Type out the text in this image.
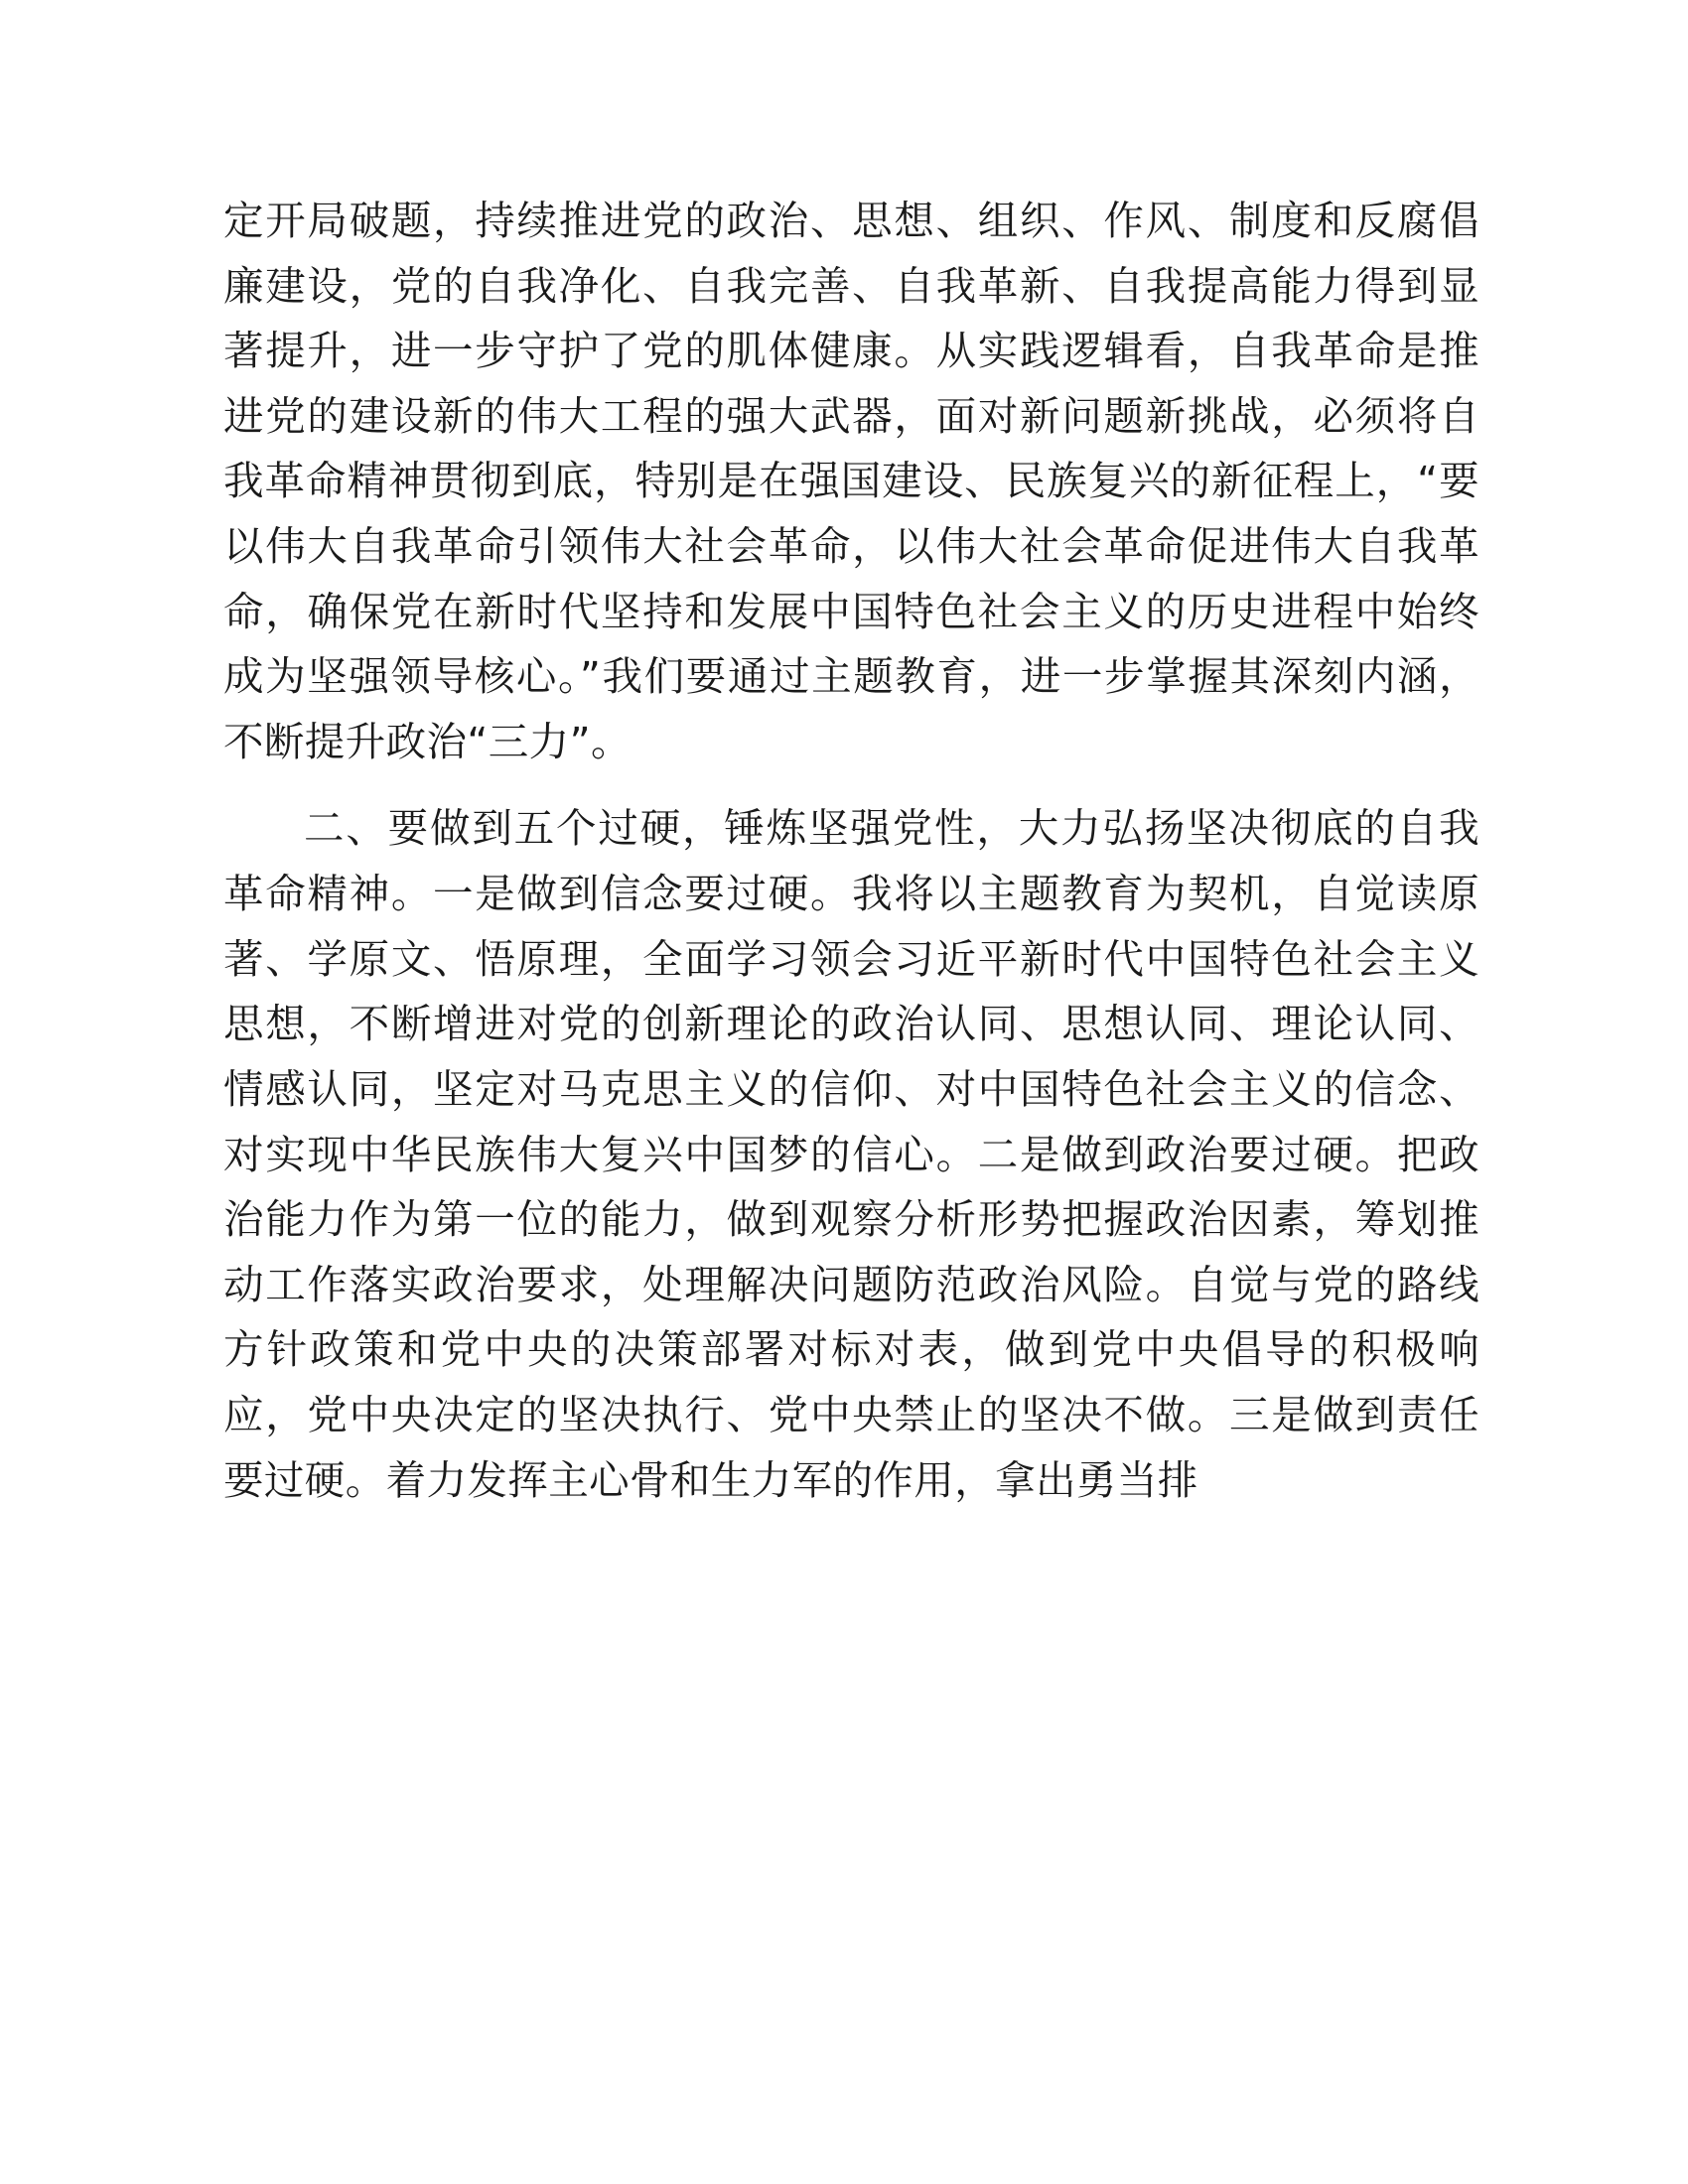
定开局破题，持续推进党的政治、思想、组织、作风、制度和反腐倡廉建设，党的自我净化、自我完善、自我革新、自我提高能力得到显著提升，进一步守护了党的肌体健康。从实践逻辑看，自我革命是推进党的建设新的伟大工程的强大武器，面对新问题新挑战，必须将自我革命精神贯彻到底，特别是在强国建设、民族复兴的新征程上，“要以伟大自我革命引领伟大社会革命，以伟大社会革命促进伟大自我革命，确保党在新时代坚持和发展中国特色社会主义的历史进程中始终成为坚强领导核心。”我们要通过主题教育，进一步掌握其深刻内涵，不断提升政治“三力”。

二、要做到五个过硬，锤炼坚强党性，大力弘扬坚决彻底的自我革命精神。一是做到信念要过硬。我将以主题教育为契机，自觉读原著、学原文、悟原理，全面学习领会习近平新时代中国特色社会主义思想，不断增进对党的创新理论的政治认同、思想认同、理论认同、情感认同，坚定对马克思主义的信仰、对中国特色社会主义的信念、对实现中华民族伟大复兴中国梦的信心。二是做到政治要过硬。把政治能力作为第一位的能力，做到观察分析形势把握政治因素，筹划推动工作落实政治要求，处理解决问题防范政治风险。自觉与党的路线方针政策和党中央的决策部署对标对表，做到党中央倡导的积极响应，党中央决定的坚决执行、党中央禁止的坚决不做。三是做到责任要过硬。着力发挥主心骨和生力军的作用，拿出勇当排
